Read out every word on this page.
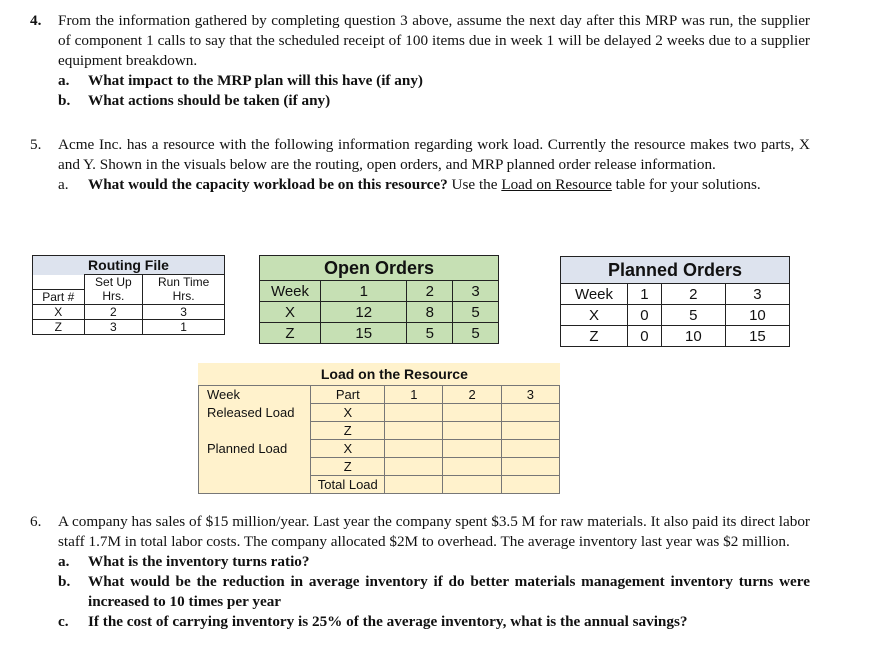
4. From the information gathered by completing question 3 above, assume the next day after this MRP was run, the supplier of component 1 calls to say that the scheduled receipt of 100 items due in week 1 will be delayed 2 weeks due to a supplier equipment breakdown.
a. What impact to the MRP plan will this have (if any)
b. What actions should be taken (if any)
5. Acme Inc. has a resource with the following information regarding work load. Currently the resource makes two parts, X and Y. Shown in the visuals below are the routing, open orders, and MRP planned order release information.
a. What would the capacity workload be on this resource? Use the Load on Resource table for your solutions.
Routing File		
	Set Up	Run Time
Part #	Hrs.	Hrs.
X	2	3
Z	3	1
Open Orders			
Week	1	2	3
X	12	8	5
Z	15	5	5
Planned Orders			
Week	1	2	3
X	0	5	10
Z	0	10	15
	Load on the Resource			
Week	Part	1	2	3
Released Load	X			
	Z			
Planned Load	X			
	Z			
	Total Load			
6. A company has sales of $15 million/year. Last year the company spent $3.5 M for raw materials. It also paid its direct labor staff 1.7M in total labor costs. The company allocated $2M to overhead. The average inventory last year was $2 million.
a. What is the inventory turns ratio?
b. What would be the reduction in average inventory if do better materials management inventory turns were increased to 10 times per year
c. If the cost of carrying inventory is 25% of the average inventory, what is the annual savings?
